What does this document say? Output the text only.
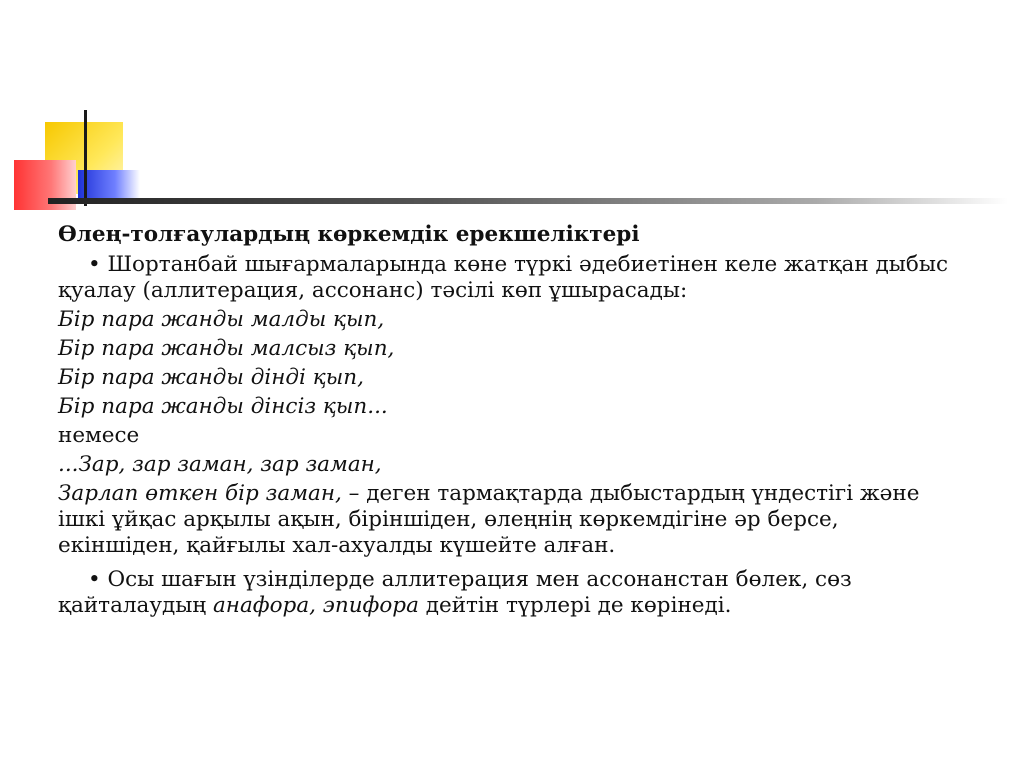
Өлең-толғаулардың көркемдік ерекшеліктері

• Шортанбай шығармаларында көне түркі әдебиетінен келе жатқан дыбыс қуалау (аллитерация, ассонанс) тәсілі көп ұшырасады:

Бір пара жанды малды қып,

Бір пара жанды малсыз қып,

Бір пара жанды дінді қып,

Бір пара жанды дінсіз қып...

немесе

...Зар, зар заман, зар заман,

Зарлап өткен бір заман, – деген тармақтарда дыбыстардың үндестігі және ішкі ұйқас арқылы ақын, біріншіден, өлеңнің көркемдігіне әр берсе, екіншіден, қайғылы хал-ахуалды күшейте алған.

• Осы шағын үзінділерде аллитерация мен ассонанстан бөлек, сөз қайталаудың анафора, эпифора дейтін түрлері де көрінеді.
